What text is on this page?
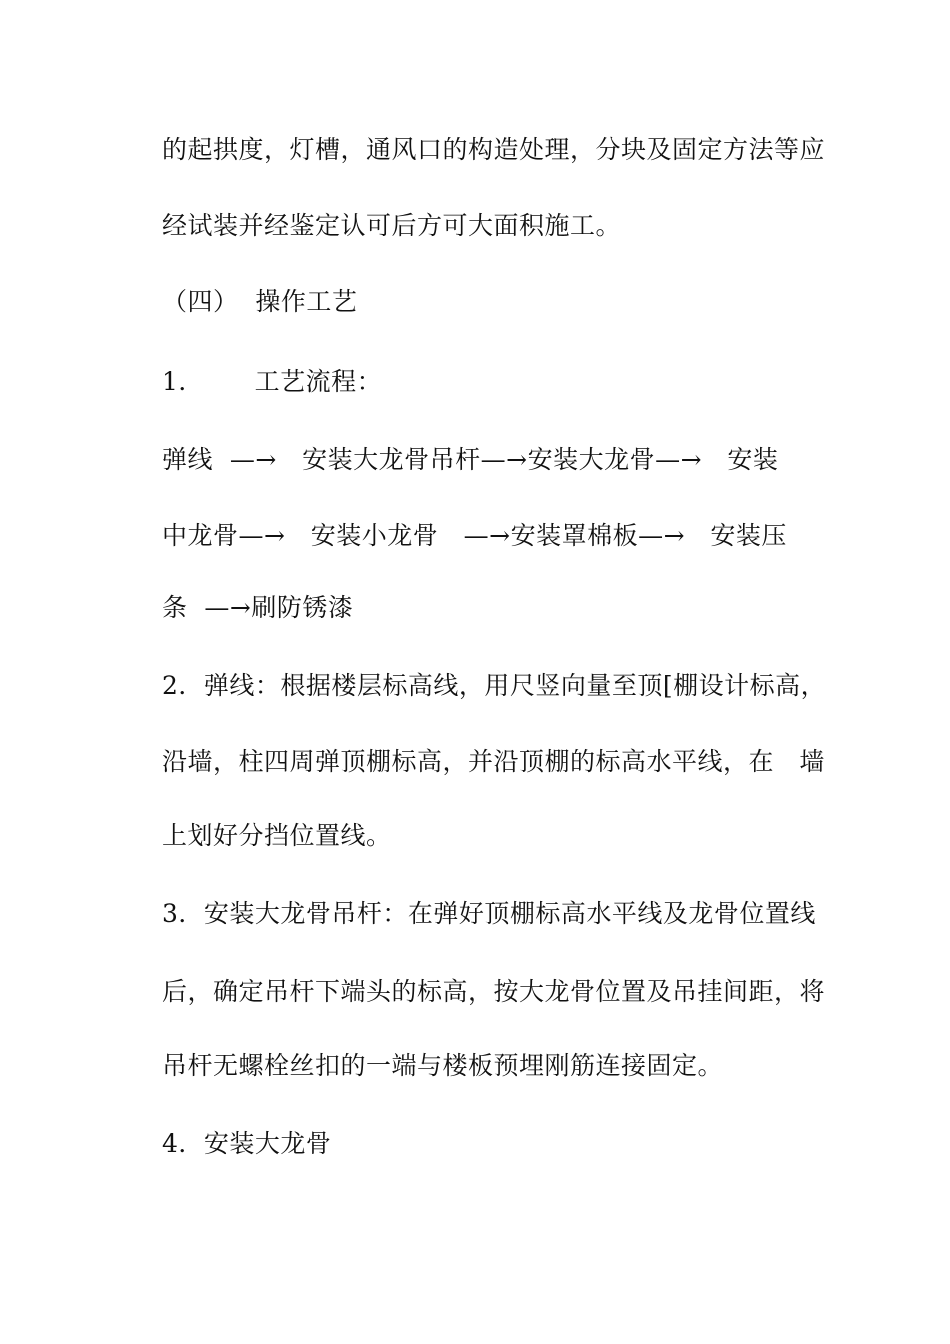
的起拱度，灯槽，通风口的构造处理，分块及固定方法等应
经试装并经鉴定认可后方可大面积施工。
（四）  操作工艺
1．      工艺流程：
弹线  —→   安装大龙骨吊杆—→安装大龙骨—→   安装
中龙骨—→   安装小龙骨   —→安装罩棉板—→   安装压
条  —→刷防锈漆
2．弹线：根据楼层标高线，用尺竖向量至顶[棚设计标高，
沿墙，柱四周弹顶棚标高，并沿顶棚的标高水平线，在   墙
上划好分挡位置线。
3．安装大龙骨吊杆：在弹好顶棚标高水平线及龙骨位置线
后，确定吊杆下端头的标高，按大龙骨位置及吊挂间距，将
吊杆无螺栓丝扣的一端与楼板预埋刚筋连接固定。
4．安装大龙骨
